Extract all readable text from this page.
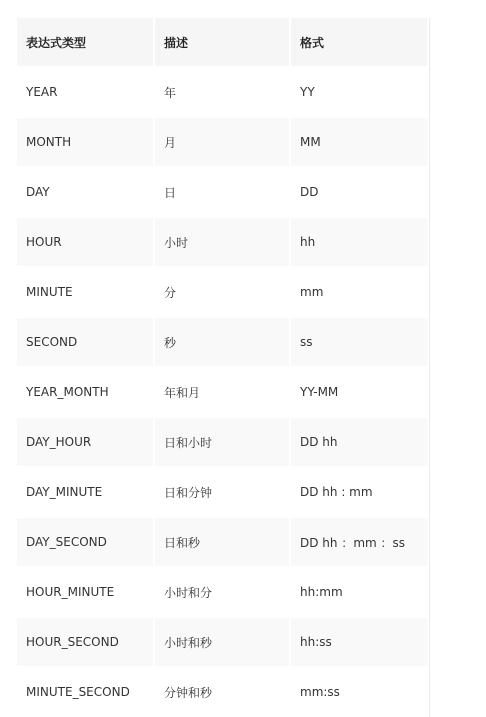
表达式类型	描述	格式
YEAR	年	YY
MONTH	月	MM
DAY	日	DD
HOUR	小时	hh
MINUTE	分	mm
SECOND	秒	ss
YEAR_MONTH	年和月	YY-MM
DAY_HOUR	日和小时	DD hh
DAY_MINUTE	日和分钟	DD hh : mm
DAY_SECOND	日和秒	DD hh ：mm ：ss
HOUR_MINUTE	小时和分	hh:mm
HOUR_SECOND	小时和秒	hh:ss
MINUTE_SECOND	分钟和秒	mm:ss
